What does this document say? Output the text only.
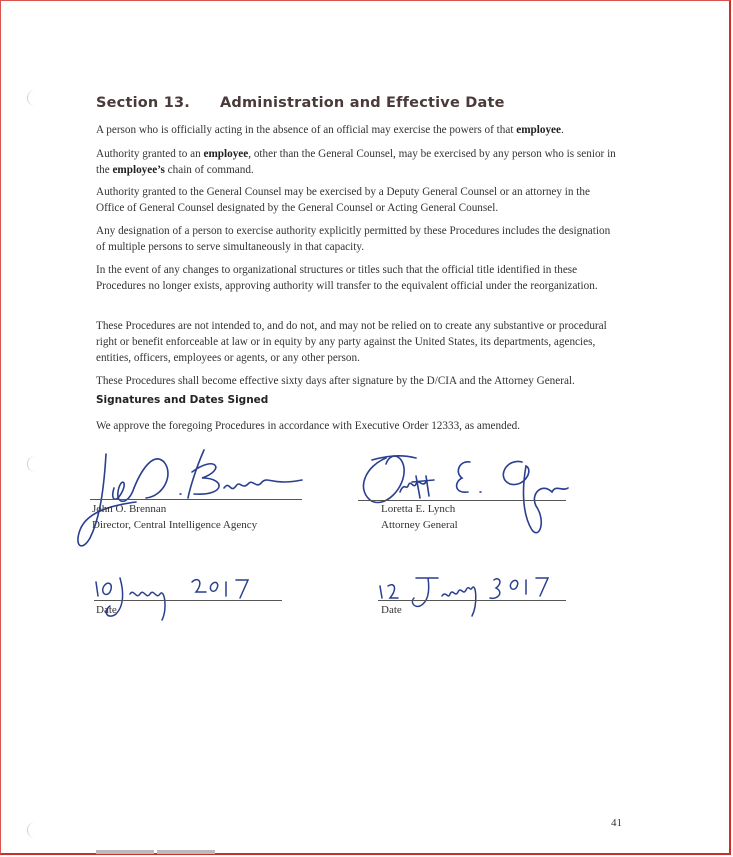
Section 13. Administration and Effective Date
A person who is officially acting in the absence of an official may exercise the powers of that employee.
Authority granted to an employee, other than the General Counsel, may be exercised by any person who is senior in the employee’s chain of command.
Authority granted to the General Counsel may be exercised by a Deputy General Counsel or an attorney in the Office of General Counsel designated by the General Counsel or Acting General Counsel.
Any designation of a person to exercise authority explicitly permitted by these Procedures includes the designation of multiple persons to serve simultaneously in that capacity.
In the event of any changes to organizational structures or titles such that the official title identified in these Procedures no longer exists, approving authority will transfer to the equivalent official under the reorganization.
These Procedures are not intended to, and do not, and may not be relied on to create any substantive or procedural right or benefit enforceable at law or in equity by any party against the United States, its departments, agencies, entities, officers, employees or agents, or any other person.
These Procedures shall become effective sixty days after signature by the D/CIA and the Attorney General.
Signatures and Dates Signed
We approve the foregoing Procedures in accordance with Executive Order 12333, as amended.
John O. Brennan
Director, Central Intelligence Agency
Loretta E. Lynch
Attorney General
Date	Date
41
